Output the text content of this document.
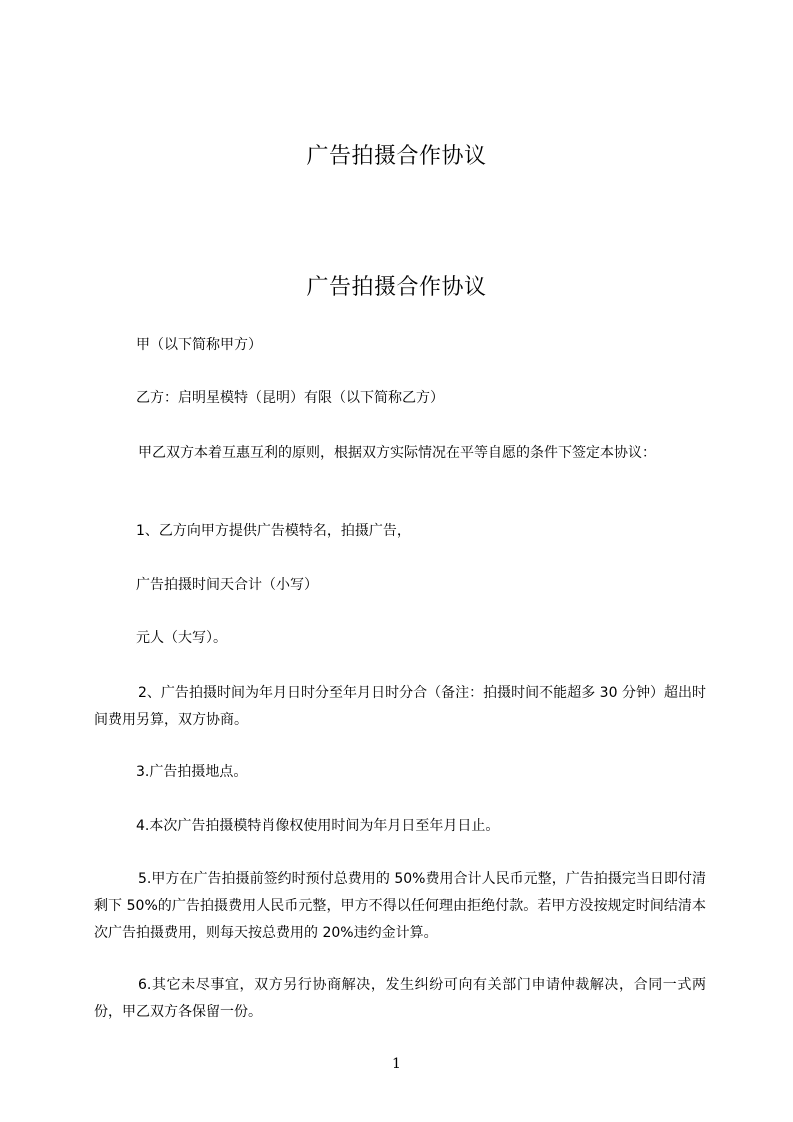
广告拍摄合作协议
广告拍摄合作协议
甲（以下简称甲方）
乙方：启明星模特（昆明）有限（以下简称乙方）
甲乙双方本着互惠互利的原则，根据双方实际情况在平等自愿的条件下签定本协议：
1、乙方向甲方提供广告模特名，拍摄广告，
广告拍摄时间天合计（小写）
元人（大写）。
2、广告拍摄时间为年月日时分至年月日时分合（备注：拍摄时间不能超多 30 分钟）超出时间费用另算，双方协商。
3.广告拍摄地点。
4.本次广告拍摄模特肖像权使用时间为年月日至年月日止。
5.甲方在广告拍摄前签约时预付总费用的 50%费用合计人民币元整，广告拍摄完当日即付清剩下 50%的广告拍摄费用人民币元整，甲方不得以任何理由拒绝付款。若甲方没按规定时间结清本次广告拍摄费用，则每天按总费用的 20%违约金计算。
6.其它未尽事宜，双方另行协商解决，发生纠纷可向有关部门申请仲裁解决，合同一式两份，甲乙双方各保留一份。
1
